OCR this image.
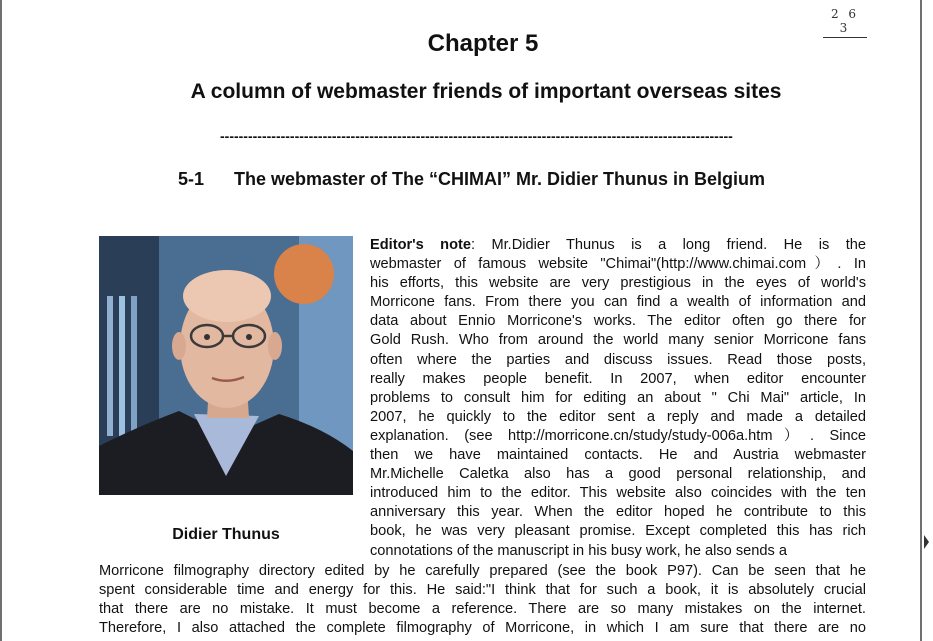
2 6 3
Chapter 5
A column of webmaster friends of important overseas sites
--------------------------------------------------------------------------------------------------------------
5-1 The webmaster of The “CHIMAI” Mr. Didier Thunus in Belgium
Didier Thunus
Editor's note: Mr.Didier Thunus is a long friend. He is the
webmaster of famous website "Chimai"(http://www.chimai.com）. In
his efforts, this website are very prestigious in the eyes of world's
Morricone fans. From there you can find a wealth of information and
data about Ennio Morricone's works. The editor often go there for
Gold Rush. Who from around the world many senior Morricone fans
often where the parties and discuss issues. Read those posts,
really makes people benefit. In 2007, when editor encounter
problems to consult him for editing an about " Chi Mai" article, In
2007, he quickly to the editor sent a reply and made a detailed
explanation. (see http://morricone.cn/study/study-006a.htm）. Since
then we have maintained contacts. He and Austria webmaster
Mr.Michelle Caletka also has a good personal relationship, and
introduced him to the editor. This website also coincides with the ten
anniversary this year. When the editor hoped he contribute to this
book, he was very pleasant promise. Except completed this has rich
connotations of the manuscript in his busy work, he also sends a
Morricone filmography directory edited by he carefully prepared (see the book P97). Can be seen that he
spent considerable time and energy for this. He said:"I think that for such a book, it is absolutely crucial
that there are no mistake. It must become a reference. There are so many mistakes on the internet.
Therefore, I also attached the complete filmography of Morricone, in which I am sure that there are no
